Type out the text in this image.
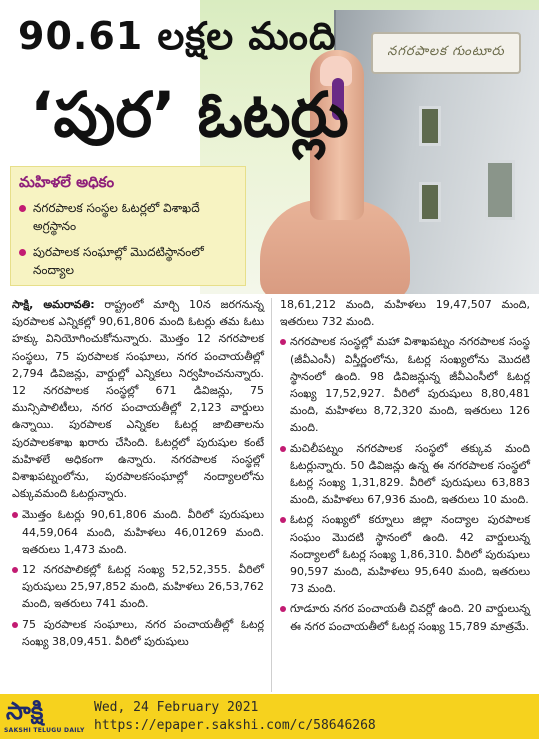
నగరపాలక గుంటూరు
90.61 లక్షల మంది
‘పుర’ ఓటర్లు
మహిళలే అధికం
నగరపాలక సంస్థల ఓటర్లలో విశాఖదే అగ్రస్థానం
పురపాలక సంఘాల్లో మొదటిస్థానంలో నంద్యాల

సాక్షి, అమరావతి: రాష్ట్రంలో మార్చి 10న జరగనున్న పురపాలక ఎన్నికల్లో 90,61,806 మంది ఓటర్లు తమ ఓటు హక్కు వినియోగించుకోనున్నారు. మొత్తం 12 నగరపాలక సంస్థలు, 75 పురపాలక సంఘాలు, నగర పంచాయతీల్లో 2,794 డివిజన్లు, వార్డుల్లో ఎన్నికలు నిర్వహించనున్నారు. 12 నగరపాలక సంస్థల్లో 671 డివిజన్లు, 75 మున్సిపాలిటీలు, నగర పంచాయతీల్లో 2,123 వార్డులు ఉన్నాయి. పురపాలక ఎన్నికల ఓటర్ల జాబితాలను పురపాలకశాఖ ఖరారు చేసింది. ఓటర్లలో పురుషుల కంటే మహిళలే అధికంగా ఉన్నారు. నగరపాలక సంస్థల్లో విశాఖపట్నంలోను, పురపాలకసంఘాల్లో నంద్యాలలోను ఎక్కువమంది ఓటర్లున్నారు.

మొత్తం ఓటర్లు 90,61,806 మంది. వీరిలో పురుషులు 44,59,064 మంది, మహిళలు 46,01269 మంది. ఇతరులు 1,473 మంది.

12 నగరపాలికల్లో ఓటర్ల సంఖ్య 52,52,355. వీరిలో పురుషులు 25,97,852 మంది, మహిళలు 26,53,762 మంది, ఇతరులు 741 మంది.

75 పురపాలక సంఘాలు, నగర పంచాయతీల్లో ఓటర్ల సంఖ్య 38,09,451. వీరిలో పురుషులు

18,61,212 మంది, మహిళలు 19,47,507 మంది, ఇతరులు 732 మంది.

నగరపాలక సంస్థల్లో మహా విశాఖపట్నం నగరపాలక సంస్థ (జీవీఎంసీ) విస్తీర్ణంలోను, ఓటర్ల సంఖ్యలోను మొదటి స్థానంలో ఉంది. 98 డివిజన్లున్న జీవీఎంసీలో ఓటర్ల సంఖ్య 17,52,927. వీరిలో పురుషులు 8,80,481 మంది, మహిళలు 8,72,320 మంది, ఇతరులు 126 మంది.

మచిలీపట్నం నగరపాలక సంస్థలో తక్కువ మంది ఓటర్లున్నారు. 50 డివిజన్లు ఉన్న ఈ నగరపాలక సంస్థలో ఓటర్ల సంఖ్య 1,31,829. వీరిలో పురుషులు 63,883 మంది, మహిళలు 67,936 మంది, ఇతరులు 10 మంది.

ఓటర్ల సంఖ్యలో కర్నూలు జిల్లా నంద్యాల పురపాలక సంఘం మొదటి స్థానంలో ఉంది. 42 వార్డులున్న నంద్యాలలో ఓటర్ల సంఖ్య 1,86,310. వీరిలో పురుషులు 90,597 మంది, మహిళలు 95,640 మంది, ఇతరులు 73 మంది.

గూడూరు నగర పంచాయతీ చివర్లో ఉంది. 20 వార్డులున్న ఈ నగర పంచాయతీలో ఓటర్ల సంఖ్య 15,789 మాత్రమే.

సాక్షి
SAKSHI TELUGU DAILY
Wed, 24 February 2021
https://epaper.sakshi.com/c/58646268
